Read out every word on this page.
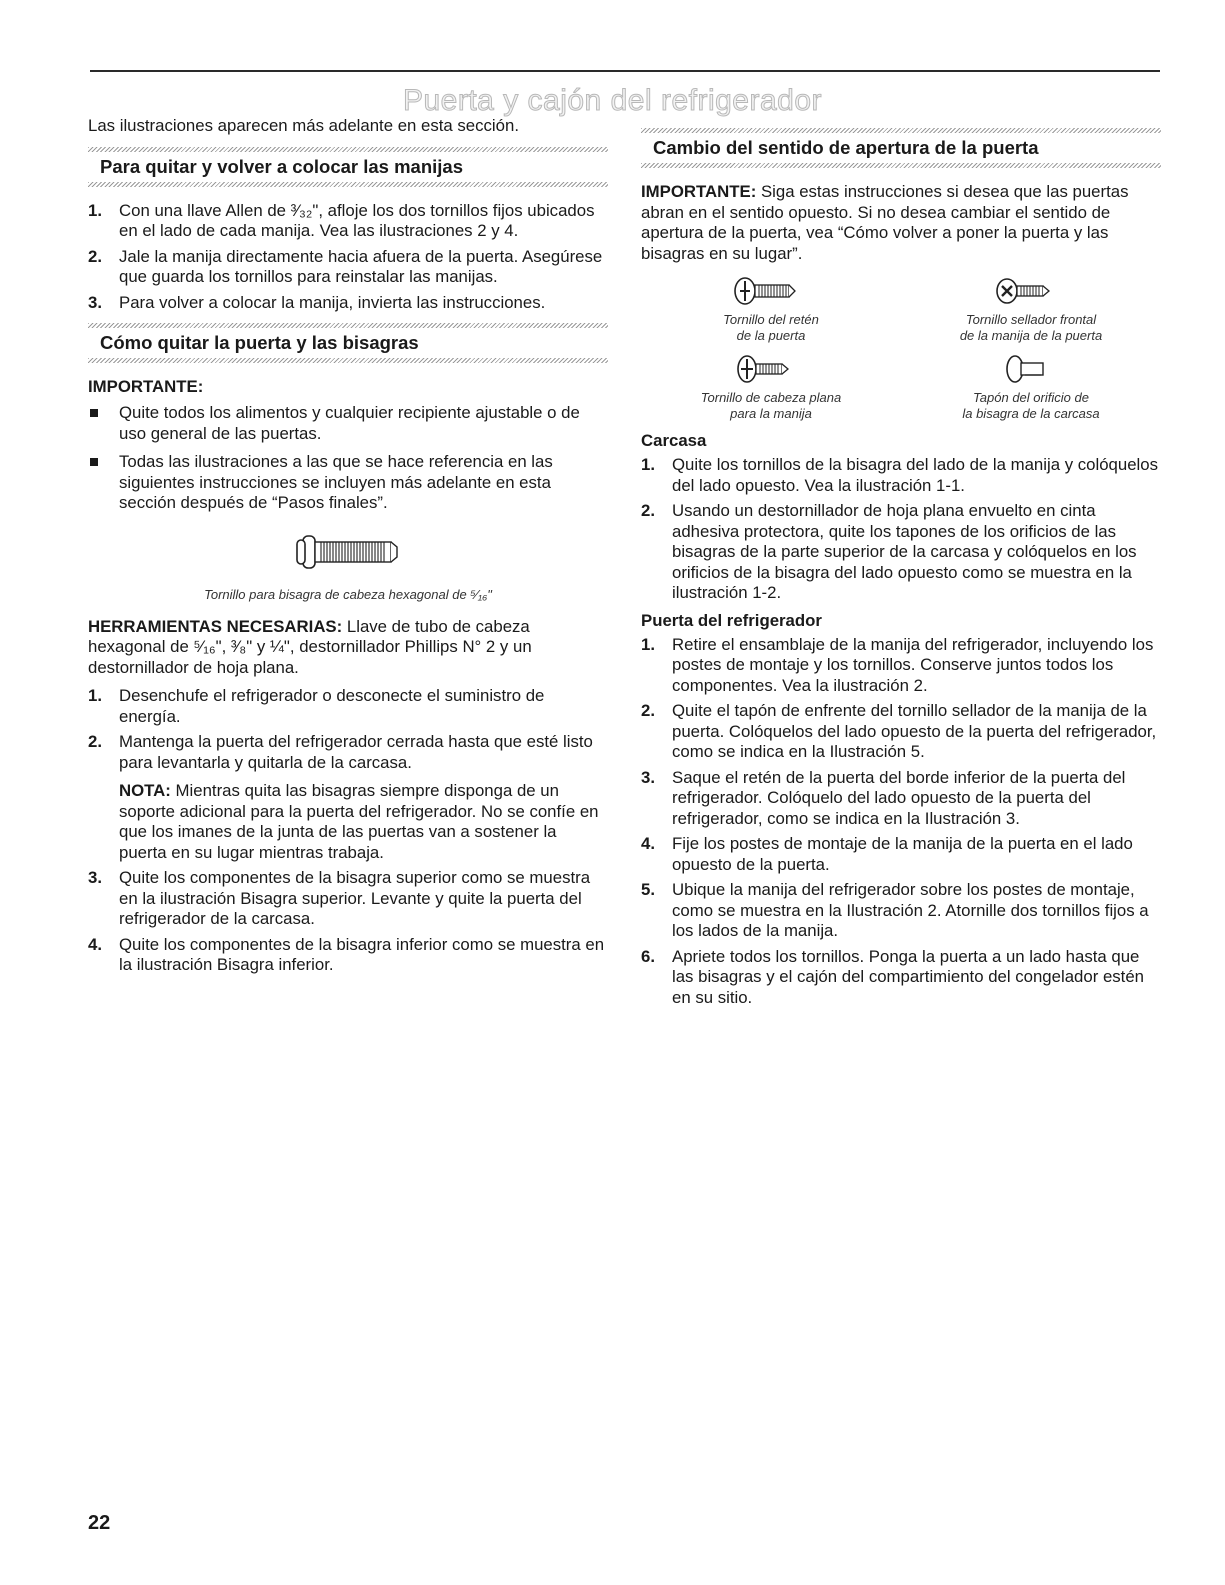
Puerta y cajón del refrigerador

Las ilustraciones aparecen más adelante en esta sección.

Para quitar y volver a colocar las manijas
1. Con una llave Allen de ³⁄₃₂", afloje los dos tornillos fijos ubicados en el lado de cada manija. Vea las ilustraciones 2 y 4.
2. Jale la manija directamente hacia afuera de la puerta. Asegúrese que guarda los tornillos para reinstalar las manijas.
3. Para volver a colocar la manija, invierta las instrucciones.
Cómo quitar la puerta y las bisagras
IMPORTANTE:
Quite todos los alimentos y cualquier recipiente ajustable o de uso general de las puertas.
Todas las ilustraciones a las que se hace referencia en las siguientes instrucciones se incluyen más adelante en esta sección después de “Pasos finales”.
Tornillo para bisagra de cabeza hexagonal de ⁵⁄₁₆"

HERRAMIENTAS NECESARIAS: Llave de tubo de cabeza hexagonal de ⁵⁄₁₆", ³⁄₈" y ¼", destornillador Phillips N° 2 y un destornillador de hoja plana.

1. Desenchufe el refrigerador o desconecte el suministro de energía.
2. Mantenga la puerta del refrigerador cerrada hasta que esté listo para levantarla y quitarla de la carcasa.
NOTA: Mientras quita las bisagras siempre disponga de un soporte adicional para la puerta del refrigerador. No se confíe en que los imanes de la junta de las puertas van a sostener la puerta en su lugar mientras trabaja.
3. Quite los componentes de la bisagra superior como se muestra en la ilustración Bisagra superior. Levante y quite la puerta del refrigerador de la carcasa.
4. Quite los componentes de la bisagra inferior como se muestra en la ilustración Bisagra inferior.
Cambio del sentido de apertura de la puerta

IMPORTANTE: Siga estas instrucciones si desea que las puertas abran en el sentido opuesto. Si no desea cambiar el sentido de apertura de la puerta, vea “Cómo volver a poner la puerta y las bisagras en su lugar”.

Tornillo del retén
de la puerta
Tornillo sellador frontal
de la manija de la puerta
Tornillo de cabeza plana
para la manija
Tapón del orificio de
la bisagra de la carcasa
Carcasa
1. Quite los tornillos de la bisagra del lado de la manija y colóquelos del lado opuesto. Vea la ilustración 1-1.
2. Usando un destornillador de hoja plana envuelto en cinta adhesiva protectora, quite los tapones de los orificios de las bisagras de la parte superior de la carcasa y colóquelos en los orificios de la bisagra del lado opuesto como se muestra en la ilustración 1-2.
Puerta del refrigerador
1. Retire el ensamblaje de la manija del refrigerador, incluyendo los postes de montaje y los tornillos. Conserve juntos todos los componentes. Vea la ilustración 2.
2. Quite el tapón de enfrente del tornillo sellador de la manija de la puerta. Colóquelos del lado opuesto de la puerta del refrigerador, como se indica en la Ilustración 5.
3. Saque el retén de la puerta del borde inferior de la puerta del refrigerador. Colóquelo del lado opuesto de la puerta del refrigerador, como se indica en la Ilustración 3.
4. Fije los postes de montaje de la manija de la puerta en el lado opuesto de la puerta.
5. Ubique la manija del refrigerador sobre los postes de montaje, como se muestra en la Ilustración 2. Atornille dos tornillos fijos a los lados de la manija.
6. Apriete todos los tornillos. Ponga la puerta a un lado hasta que las bisagras y el cajón del compartimiento del congelador estén en su sitio.
22
